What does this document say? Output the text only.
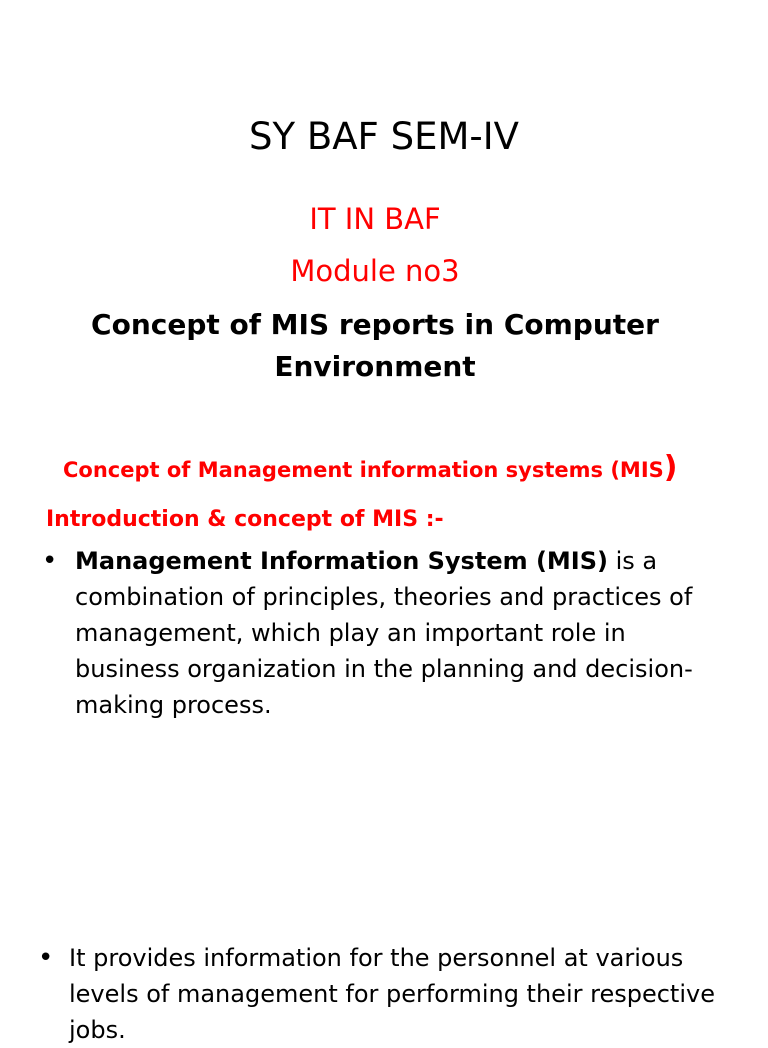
SY BAF SEM-IV
IT IN BAF
Module no3
Concept of MIS reports in Computer Environment
Concept of Management information systems (MIS)
Introduction & concept of MIS :-
• Management Information System (MIS) is a combination of principles, theories and practices of management, which play an important role in business organization in the planning and decision-making process.
• It provides information for the personnel at various levels of management for performing their respective jobs.
